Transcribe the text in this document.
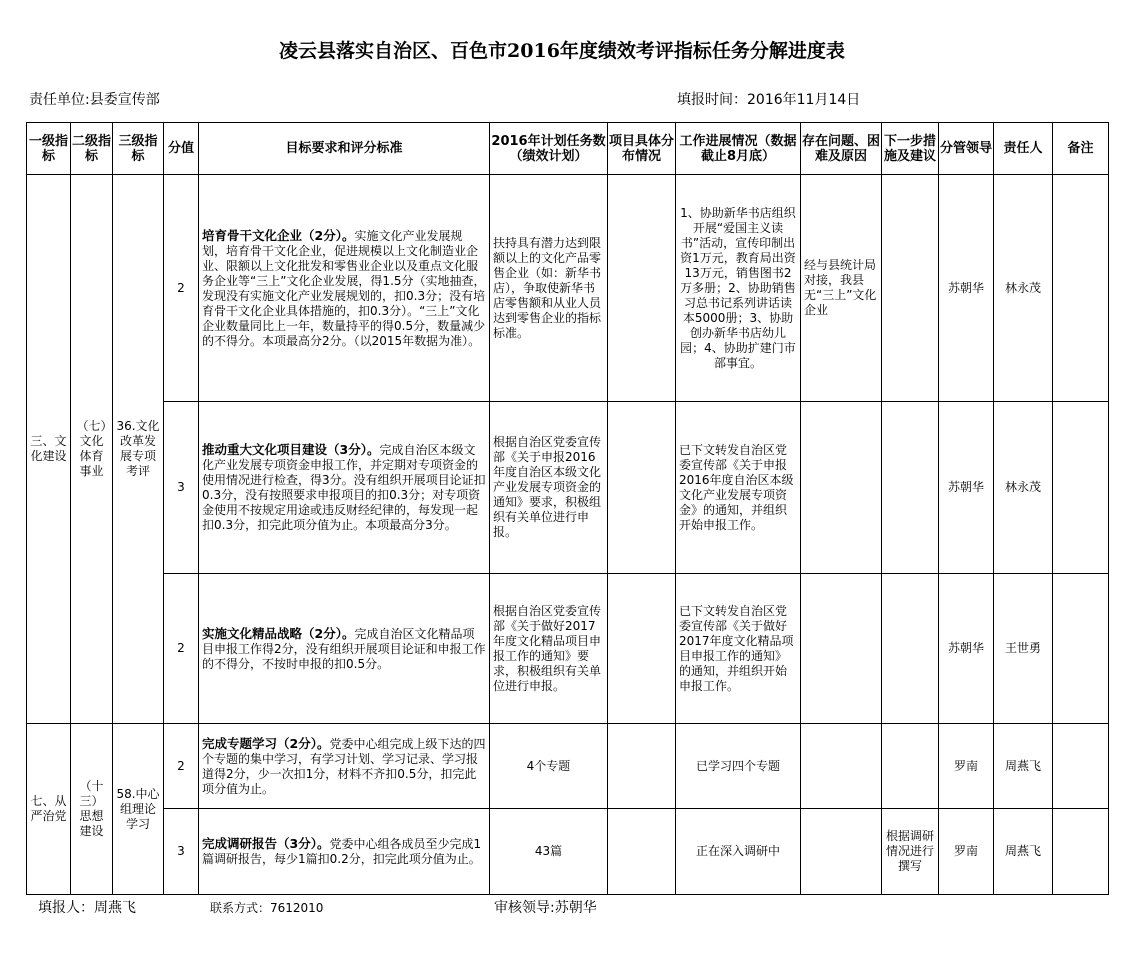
凌云县落实自治区、百色市2016年度绩效考评指标任务分解进度表
责任单位:县委宣传部	填报时间：2016年11月14日
一级指标	二级指标	三级指标	分值	目标要求和评分标准	2016年计划任务数（绩效计划）	项目具体分布情况	工作进展情况（数据截止8月底）	存在问题、困难及原因	下一步措施及建议	分管领导	责任人	备注
三、文化建设	（七）文化体育事业	36.文化改革发展专项考评	2	培育骨干文化企业（2分）。实施文化产业发展规划，培育骨干文化企业，促进规模以上文化制造业企业、限额以上文化批发和零售业企业以及重点文化服务企业等“三上”文化企业发展，得1.5分（实地抽查，发现没有实施文化产业发展规划的，扣0.3分；没有培育骨干文化企业具体措施的，扣0.3分）。“三上”文化企业数量同比上一年，数量持平的得0.5分，数量减少的不得分。本项最高分2分。（以2015年数据为准）。	扶持具有潜力达到限额以上的文化产品零售企业（如：新华书店），争取使新华书店零售额和从业人员达到零售企业的指标标准。		1、协助新华书店组织开展“爱国主义读书”活动，宣传印制出资1万元，教育局出资13万元，销售图书2万多册；2、协助销售习总书记系列讲话读本5000册；3、协助创办新华书店幼儿园；4、协助扩建门市部事宜。	经与县统计局对接，我县无“三上”文化企业		苏朝华	林永茂	
			3	推动重大文化项目建设（3分）。完成自治区本级文化产业发展专项资金申报工作，并定期对专项资金的使用情况进行检查，得3分。没有组织开展项目论证扣0.3分，没有按照要求申报项目的扣0.3分；对专项资金使用不按规定用途或违反财经纪律的，每发现一起扣0.3分，扣完此项分值为止。本项最高分3分。	根据自治区党委宣传部《关于申报2016年度自治区本级文化产业发展专项资金的通知》要求，积极组织有关单位进行申报。		已下文转发自治区党委宣传部《关于申报2016年度自治区本级文化产业发展专项资金》的通知，并组织开始申报工作。			苏朝华	林永茂	
			2	实施文化精品战略（2分）。完成自治区文化精品项目申报工作得2分，没有组织开展项目论证和申报工作的不得分，不按时申报的扣0.5分。	根据自治区党委宣传部《关于做好2017年度文化精品项目申报工作的通知》要求，积极组织有关单位进行申报。		已下文转发自治区党委宣传部《关于做好2017年度文化精品项目申报工作的通知》的通知，并组织开始申报工作。			苏朝华	王世勇	
七、从严治党	（十三）思想建设	58.中心组理论学习	2	完成专题学习（2分）。党委中心组完成上级下达的四个专题的集中学习，有学习计划、学习记录、学习报道得2分，少一次扣1分，材料不齐扣0.5分，扣完此项分值为止。	4个专题		已学习四个专题			罗南	周燕飞	
			3	完成调研报告（3分）。党委中心组各成员至少完成1篇调研报告，每少1篇扣0.2分，扣完此项分值为止。	43篇		正在深入调研中		根据调研情况进行撰写	罗南	周燕飞	
填报人：周燕飞	联系方式：7612010	审核领导:苏朝华
